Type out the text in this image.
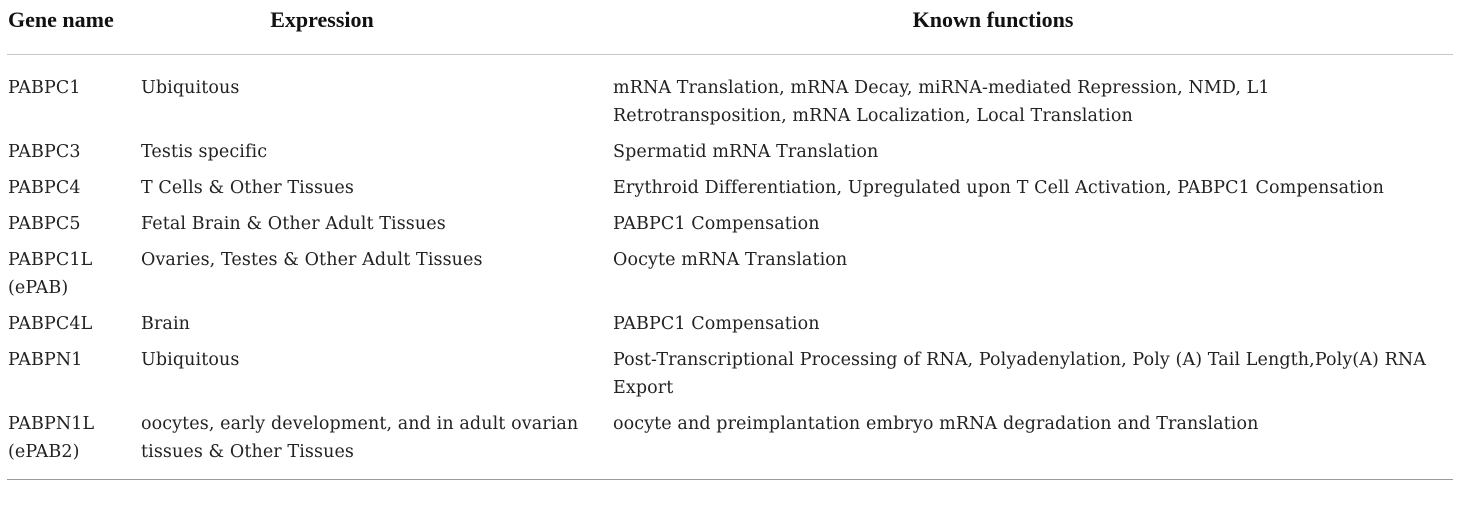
Gene name	Expression	Known functions
PABPC1	Ubiquitous	mRNA Translation, mRNA Decay, miRNA-mediated Repression, NMD, L1 Retrotransposition, mRNA Localization, Local Translation
PABPC3	Testis specific	Spermatid mRNA Translation
PABPC4	T Cells & Other Tissues	Erythroid Differentiation, Upregulated upon T Cell Activation, PABPC1 Compensation
PABPC5	Fetal Brain & Other Adult Tissues	PABPC1 Compensation
PABPC1L (ePAB)	Ovaries, Testes & Other Adult Tissues	Oocyte mRNA Translation
PABPC4L	Brain	PABPC1 Compensation
PABPN1	Ubiquitous	Post-Transcriptional Processing of RNA, Polyadenylation, Poly (A) Tail Length,Poly(A) RNA Export
PABPN1L (ePAB2)	oocytes, early development, and in adult ovarian tissues & Other Tissues	oocyte and preimplantation embryo mRNA degradation and Translation
